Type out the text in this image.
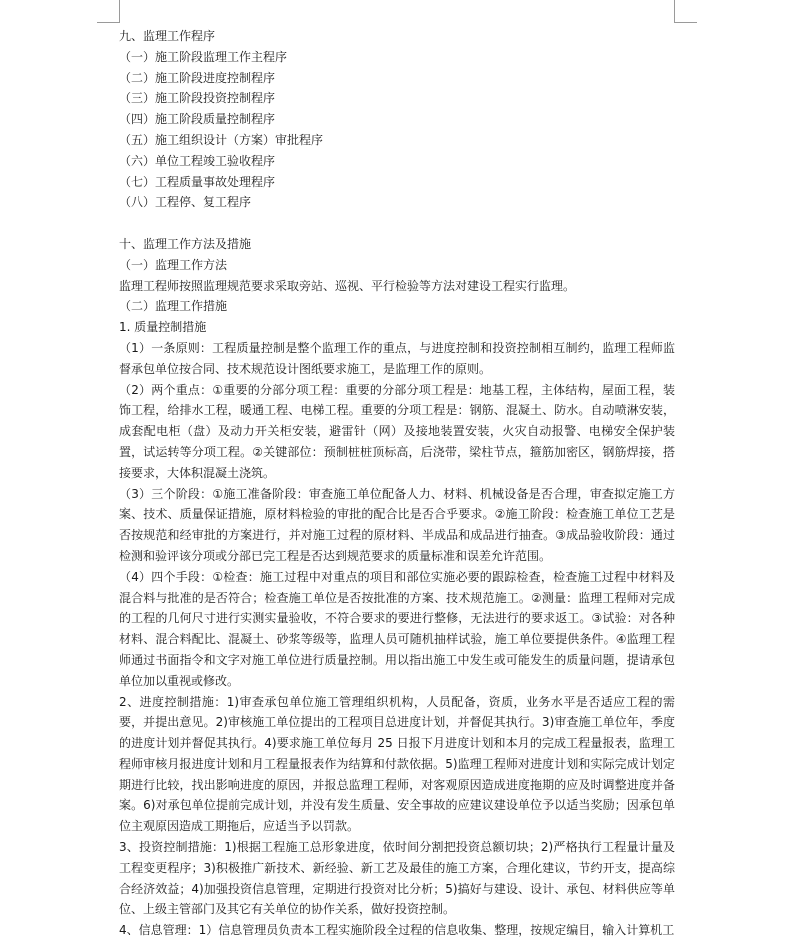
九、监理工作程序
（一）施工阶段监理工作主程序
（二）施工阶段进度控制程序
（三）施工阶段投资控制程序
（四）施工阶段质量控制程序
（五）施工组织设计（方案）审批程序
（六）单位工程竣工验收程序
（七）工程质量事故处理程序
（八）工程停、复工程序
十、监理工作方法及措施
（一）监理工作方法
监理工程师按照监理规范要求采取旁站、巡视、平行检验等方法对建设工程实行监理。
（二）监理工作措施
1. 质量控制措施
（1）一条原则：工程质量控制是整个监理工作的重点，与进度控制和投资控制相互制约，监理工程师监督承包单位按合同、技术规范设计图纸要求施工，是监理工作的原则。
（2）两个重点：①重要的分部分项工程：重要的分部分项工程是：地基工程，主体结构，屋面工程，装饰工程，给排水工程，暖通工程、电梯工程。重要的分项工程是：钢筋、混凝土、防水。自动喷淋安装，成套配电柜（盘）及动力开关柜安装，避雷针（网）及接地装置安装，火灾自动报警、电梯安全保护装置，试运转等分项工程。②关键部位：预制桩桩顶标高，后浇带，梁柱节点，箍筋加密区，钢筋焊接，搭接要求，大体积混凝土浇筑。
（3）三个阶段：①施工准备阶段：审查施工单位配备人力、材料、机械设备是否合理，审查拟定施工方案、技术、质量保证措施，原材料检验的审批的配合比是否合乎要求。②施工阶段：检查施工单位工艺是否按规范和经审批的方案进行，并对施工过程的原材料、半成品和成品进行抽查。③成品验收阶段：通过检测和验评该分项或分部已完工程是否达到规范要求的质量标准和误差允许范围。
（4）四个手段：①检查：施工过程中对重点的项目和部位实施必要的跟踪检查，检查施工过程中材料及混合料与批准的是否符合；检查施工单位是否按批准的方案、技术规范施工。②测量：监理工程师对完成的工程的几何尺寸进行实测实量验收，不符合要求的要进行整修，无法进行的要求返工。③试验：对各种材料、混合料配比、混凝土、砂浆等级等，监理人员可随机抽样试验，施工单位要提供条件。④监理工程师通过书面指令和文字对施工单位进行质量控制。用以指出施工中发生或可能发生的质量问题，提请承包单位加以重视或修改。
2、进度控制措施：1)审查承包单位施工管理组织机构，人员配备，资质，业务水平是否适应工程的需要，并提出意见。2)审核施工单位提出的工程项目总进度计划，并督促其执行。3)审查施工单位年，季度的进度计划并督促其执行。4)要求施工单位每月 25 日报下月进度计划和本月的完成工程量报表，监理工程师审核月报进度计划和月工程量报表作为结算和付款依据。5)监理工程师对进度计划和实际完成计划定期进行比较，找出影响进度的原因，并报总监理工程师，对客观原因造成进度拖期的应及时调整进度并备案。6)对承包单位提前完成计划，并没有发生质量、安全事故的应建议建设单位予以适当奖励；因承包单位主观原因造成工期拖后，应适当予以罚款。
3、投资控制措施：1)根据工程施工总形象进度，依时间分割把投资总额切块；2)严格执行工程量计量及工程变更程序；3)积极推广新技术、新经验、新工艺及最佳的施工方案，合理化建议，节约开支，提高综合经济效益；4)加强投资信息管理，定期进行投资对比分析；5)搞好与建设、设计、承包、材料供应等单位、上级主管部门及其它有关单位的协作关系，做好投资控制。
4、信息管理：1）信息管理员负责本工程实施阶段全过程的信息收集、整理，按规定编目，输入计算机工
